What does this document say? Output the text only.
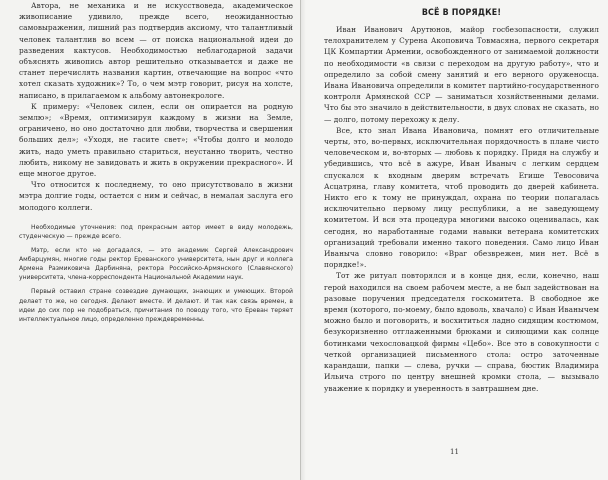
Автора, не механика и не искусствоведа, академическое живописание удивило, прежде всего, неожиданностью самовыражения, лишний раз подтвердив аксиому, что талантливый человек талантлив во всем — от поиска национальной идеи до разведения кактусов. Необходимостью неблагодарной задачи объяснять живопись автор решительно отказывается и даже не станет перечислять названия картин, отвечающие на вопрос «что хотел сказать художник»? То, о чем мэтр говорит, рисуя на холсте, написано, в прилагаемом к альбому автонекрологе.

К примеру: «Человек силен, если он опирается на родную землю»; «Время, оптимизируя каждому в жизни на Земле, ограничено, но оно достаточно для любви, творчества и свершения больших дел»; «Уходя, не гасите свет»; «Чтобы долго и молодо жить, надо уметь правильно стариться, неустанно творить, честно любить, никому не завидовать и жить в окружении прекрасного». И еще многое другое.

Что относится к последнему, то оно присутствовало в жизни мэтра долгие годы, остается с ним и сейчас, в немалая заслуга его молодого коллеги.

Необходимые уточнения: под прекрасным автор имеет в виду молодежь, студенческую — прежде всего.

Мэтр, если кто не догадался, — это академик Сергей Александрович Амбарцумян, многие годы ректор Ереванского университета, нын друг и коллега Армена Размиковича Дарбиняна, ректора Российско-Армянского (Славянского) университета, члена-корреспондента Национальной Академии наук.

Первый оставил стране созвездие думающих, знающих и умеющих. Второй делает то же, но сегодня. Делают вместе. И делают. И так как связь времен, в идеи до сих пор не подобраться, причитания по поводу того, что Ереван теряет интеллектуальное лицо, определенно преждевременны.

ВСЁ В ПОРЯДКЕ!

Иван Иванович Арутюнов, майор госбезопасности, служил телохранителем у Сурена Акоповича Товмасяна, первого секретаря ЦК Компартии Армении, освобожденного от занимаемой должности по необходимости «в связи с переходом на другую работу», что и определило за собой смену занятий и его верного оруженосца. Ивана Ивановича определили в комитет партийно-государственного контроля Армянской ССР — заниматься хозяйственными делами. Что бы это значило в действительности, в двух словах не сказать, но — долго, потому перехожу к делу.

Все, кто знал Ивана Ивановича, помнят его отличительные черты, это, во-первых, исключительная порядочность в плане чисто человеческом и, во-вторых — любовь к порядку. Придя на службу и убедившись, что всё в ажуре, Иван Иваныч с легким сердцем спускался к входным дверям встречать Егише Тевосовича Асцатряна, главу комитета, чтоб проводить до дверей кабинета. Никто его к тому не принуждал, охрана по теории полагалась исключительно первому лицу республики, а не заведующему комитетом. И вся эта процедура многими высоко оценивалась, как сегодня, но наработанные годами навыки ветерана комитетских организаций требовали именно такого поведения. Само лицо Иван Иваныча словно говорило: «Враг обезврежен, мин нет. Всё в порядке!».

Тот же ритуал повторялся и в конце дня, если, конечно, наш герой находился на своем рабочем месте, а не был задействован на разовые поручения председателя госкомитета. В свободное же время (которого, по-моему, было вдоволь, хвачало) с Иван Иванычем можно было и поговорить, и восхититься ладно сидящим костюмом, безукоризненно отглаженными брюками и сияющими как солнце ботинками чехословацкой фирмы «Цебо». Все это в совокупности с четкой организацией письменного стола: остро заточенные карандаши, папки — слева, ручки — справа, бюстик Владимира Ильича строго по центру внешней кромки стола, — вызывало уважение к порядку и уверенность в завтрашнем дне.

11
